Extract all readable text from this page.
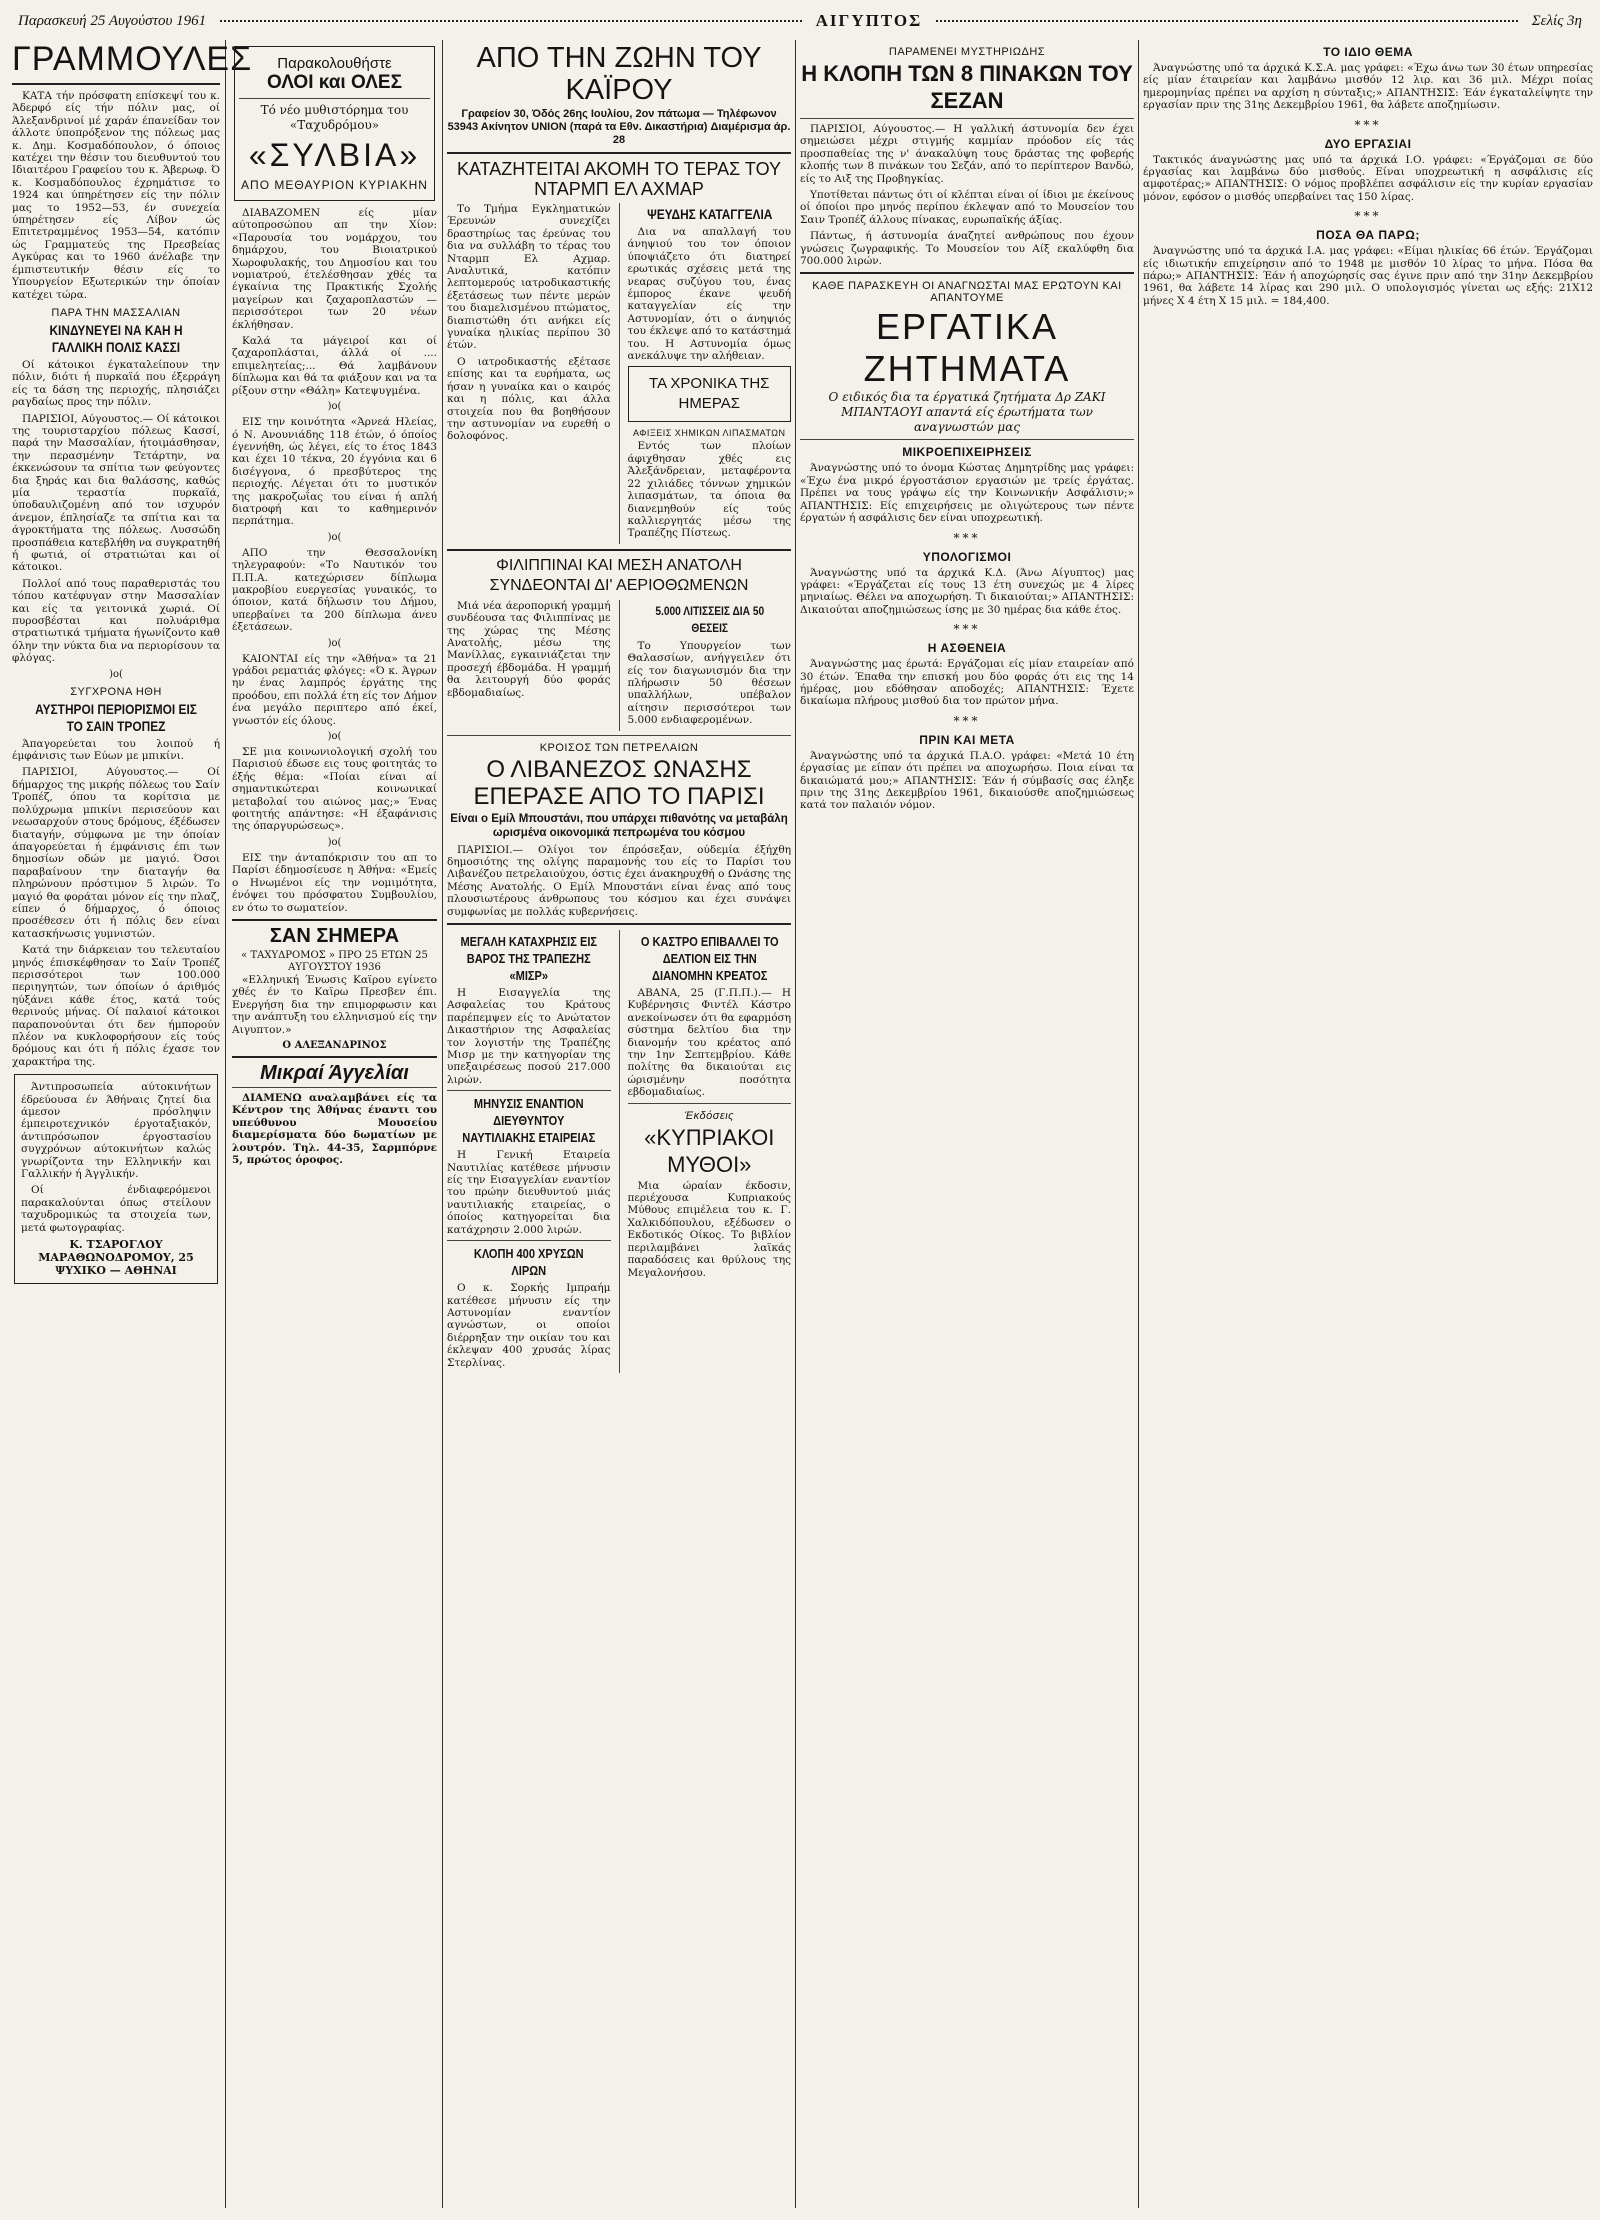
Παρασκευή 25 Αυγούστου 1961	ΑΙΓΥΠΤΟΣ	Σελίς 3η
ΓΡΑΜΜΟΥΛΕΣ

ΚΑΤΑ τήν πρόσφατη επίσκεψί του κ. Άδερφό είς τήν πόλιν μας, οί Άλεξανδρινοί μέ χαράν έπανείδαν τον άλλοτε ύποπρόξενον της πόλεως μας κ. Δημ. Κοσμαδόπουλον, ό όποιος κατέχει την θέσιν του διευθυντού του Ιδιαιτέρου Γραφείου του κ. Άβερωφ. Ό κ. Κοσμαδόπουλος έχρημάτισε το 1924 και ύπηρέτησεν είς την πόλιν μας το 1952—53, έν συνεχεία ύπηρέτησεν είς Λίβον ώς Επιτετραμμένος 1953—54, κατόπιν ώς Γραμματεύς της Πρεσβείας Αγκύρας και το 1960 άνέλαβε την έμπιστευτικήν θέσιν είς το Υπουργείον Εξωτερικών την όποίαν κατέχει τώρα.

ΠΑΡΑ ΤΗΝ ΜΑΣΣΑΛΙΑΝ
ΚΙΝΔΥΝΕΥΕΙ ΝΑ ΚΑΗ Η ΓΑΛΛΙΚΗ ΠΟΛΙΣ ΚΑΣΣΙ

Οί κάτοικοι έγκαταλείπουν την πόλιν, διότι ή πυρκαϊά που έξερράγη είς τα δάση της περιοχής, πλησιάζει ραγδαίως προς την πόλιν.

ΠΑΡΙΣΙΟΙ, Αύγουστος.— Οί κάτοικοι της τουρισταρχίου πόλεως Κασσί, παρά την Μασσαλίαν, ήτοιμάσθησαν, την περασμένην Τετάρτην, να έκκενώσουν τα σπίτια των φεύγοντες δια ξηράς και δια θαλάσσης, καθώς μία τεραστία πυρκαϊά, ύποδαυλιζομένη από τον ισχυρόν άνεμον, έπλησίαζε τα σπίτια και τα άγροκτήματα της πόλεως. Λυσσώδη προσπάθεια κατεβλήθη να συγκρατηθή ή φωτιά, οί στρατιώται και οί κάτοικοι.

Πολλοί από τους παραθεριστάς του τόπου κατέφυγαν στην Μασσαλίαν και είς τα γειτονικά χωριά. Οί πυροσβέσται και πολυάριθμα στρατιωτικά τμήματα ήγωνίζοντο καθ όλην την νύκτα δια να περιορίσουν τα φλόγας.

)o(
ΣΥΓΧΡΟΝΑ ΗΘΗ
ΑΥΣΤΗΡΟΙ ΠΕΡΙΟΡΙΣΜΟΙ ΕΙΣ ΤΟ ΣΑΙΝ ΤΡΟΠΕΖ

Άπαγορεύεται του λοιπού ή έμφάνισις των Εύων με μπικίνι.

ΠΑΡΙΣΙΟΙ, Αύγουστος.— Οί δήμαρχος της μικρής πόλεως του Σαίν Τροπέζ, όπου τα κορίτσια με πολύχρωμα μπικίνι περισεύουν και νεωσαρχούν στους δρόμους, έξέδωσεν διαταγήν, σύμφωνα με την όποίαν άπαγορεύεται ή έμφάνισις έπι των δημοσίων οδών με μαγιό. Όσοι παραβαίνουν την διαταγήν θα πληρώνουν πρόστιμον 5 λιρών. Το μαγιό θα φοράται μόνον είς την πλαζ, είπεν ό δήμαρχος, ό όποιος προσέθεσεν ότι ή πόλις δεν είναι κατασκήνωσις γυμνιστών.

Κατά την διάρκειαν του τελευταίου μηνός έπισκέφθησαν το Σαίν Τροπέζ περισσότεροι των 100.000 περιηγητών, των όποίων ό άριθμός ηύξάνει κάθε έτος, κατά τούς θερινούς μήνας. Οί παλαιοί κάτοικοι παραπονούνται ότι δεν ήμπορούν πλέον να κυκλοφορήσουν είς τούς δρόμους και ότι ή πόλις έχασε τον χαρακτήρα της.

Άντιπροσωπεία αύτοκινήτων έδρεύουσα έν Άθήναις ζητεί δια άμεσον πρόσληψιν έμπειροτεχνικόν έργοταξιακόν, άντιπρόσωπον έργοστασίου συγχρόνων αύτοκινήτων καλώς γνωρίζοντα την Ελληνικήν και Γαλλικήν ή Άγγλικήν.

Οί ένδιαφερόμενοι παρακαλούνται όπως στείλουν ταχυδρομικώς τα στοιχεία των, μετά φωτογραφίας.

Κ. ΤΣΑΡΟΓΛΟΥ ΜΑΡΑΘΩΝΟΔΡΟΜΟΥ, 25 ΨΥΧΙΚΟ — ΑΘΗΝΑΙ
Παρακολουθήστε
ΟΛΟΙ και ΟΛΕΣ
Τό νέο μυθιστόρημα του «Ταχυδρόμου»
«ΣΥΛΒΙΑ»
ΑΠΟ ΜΕΘΑΥΡΙΟΝ ΚΥΡΙΑΚΗΝ

ΔΙΑΒΑΖΟΜΕΝ είς μίαν αύτοπροσώπου απ την Χίον: «Παρουσία του νομάρχου, του δημάρχου, του Βιοιατρικού Χωροφυλακής, του Δημοσίου και του νομιατρού, έτελέσθησαν χθές τα έγκαίνια της Πρακτικής Σχολής μαγείρων και ζαχαροπλαστών — περισσότεροι των 20 νέων έκλήθησαν.

Καλά τα μάγειροί και οί ζαχαροπλάσται, άλλά οί .... επιμελητείας;... Θά λαμβάνουν δίπλωμα και θά τα φιάξουν και να τα ρίξουν στην «Θάλη» Κατεψυγμένα.

)o(

ΕΙΣ την κοινότητα «Άρνεά Ηλείας, ό Ν. Ανουνιάδης 118 έτών, ό όποίος έγεννήθη, ώς λέγει, είς το έτος 1843 και έχει 10 τέκνα, 20 έγγόνια και 6 δισέγγονα, ό πρεσβύτερος της περιοχής. Λέγεται ότι το μυστικόν της μακροζωΐας του είναι ή απλή διατροφή και το καθημερινόν περπάτημα.

)o(

ΑΠΟ την Θεσσαλονίκη τηλεγραφούν: «Το Ναυτικόν του Π.Π.Α. κατεχώρισεν δίπλωμα μακροβίου ευεργεσίας γυναικός, το όποιον, κατά δήλωσιν του Δήμου, υπερβαίνει τα 200 δίπλωμα άνευ έξετάσεων.

)o(

ΚΑΙΟΝΤΑΙ είς την «Άθήνα» τα 21 γράδοι ρεματιάς φλόγες: «Ό κ. Άγρων ην ένας λαμπρός έργάτης της προόδου, επι πολλά έτη είς τον Δήμον ένα μεγάλο περιπτερο από έκεί, γνωστόν είς όλους.

)o(

ΣΕ μια κοινωνιολογική σχολή του Παρισιού έδωσε εις τους φοιτητάς το έξής θέμα: «Ποίαι είναι αί σημαντικώτεραι κοινωνικαί μεταβολαί του αιώνος μας;» Ένας φοιτητής απάντησε: «Η έξαφάνισις της όπαργυρώσεως».

)o(

ΕΙΣ την άνταπόκρισιν του απ το Παρίσι έδημοσίευσε η Άθήνα: «Εμείς ο Ηνωμένοι είς την νομιμότητα, ένόψει του πρόσφατου Συμβουλίου, εν ότω το σωματείον.

ΣΑΝ ΣΗΜΕΡΑ
« ΤΑΧΥΔΡΟΜΟΣ » ΠΡΟ 25 ΕΤΩΝ 25 ΑΥΓΟΥΣΤΟΥ 1936

«Ελληνική Ένωσις Καϊρου εγίνετο χθές έν το Καϊρω Πρεσβεν έπι. Ενεργήση δια την επιμορφωσιν και την ανάπτυξη του ελληνισμού είς την Αιγυπτον.»

Ο ΑΛΕΞΑΝΔΡΙΝΟΣ
Μικραί Άγγελίαι

ΔΙΑΜΕΝΩ αναλαμβάνει είς τα Κέντρον της Άθήνας έναντι του υπεύθυνου Μουσείου διαμερίσματα δύο δωματίων με λουτρόν. Τηλ. 44-35, Σαρμπόρνε 5, πρώτος όροφος.

ΑΠΟ ΤΗΝ ΖΩΗΝ ΤΟΥ ΚΑΪΡΟΥ
Γραφείον 30, Όδός 26ης Ιουλίου, 2ον πάτωμα — Τηλέφωνον 53943 Ακίνητον UNION (παρά τα Εθν. Δικαστήρια) Διαμέρισμα άρ. 28
ΚΑΤΑΖΗΤΕΙΤΑΙ ΑΚΟΜΗ ΤΟ ΤΕΡΑΣ ΤΟΥ ΝΤΑΡΜΠ ΕΛ ΑΧΜΑΡ

Το Τμήμα Εγκληματικών Έρευνών συνεχίζει δραστηρίως τας έρεύνας του δια να συλλάβη το τέρας του Νταρμπ Ελ Αχμαρ. Αναλυτικά, κατόπιν λεπτομερούς ιατροδικαστικής έξετάσεως των πέντε μερών του διαμελισμένου πτώματος, διαπιστώθη ότι ανήκει είς γυναίκα ηλικίας περίπου 30 έτών.

Ο ιατροδικαστής εξέτασε επίσης και τα ευρήματα, ως ήσαν η γυναίκα και ο καιρός και η πόλις, και άλλα στοιχεία που θα βοηθήσουν την αστυνομίαν να ευρεθή ο δολοφόνος.

ΨΕΥΔΗΣ ΚΑΤΑΓΓΕΛΙΑ

Δια να απαλλαγή του άνηψιού του τον όποιον ύποψιάζετο ότι διατηρεί ερωτικάς σχέσεις μετά της νεαρας συζύγου του, ένας έμπορος έκανε ψευδή καταγγελίαν είς την Αστυνομίαν, ότι ο άνηψιός του έκλεψε από το κατάστημά του. Η Αστυνομία όμως ανεκάλυψε την αλήθειαν.

ΤΑ ΧΡΟΝΙΚΑ ΤΗΣ ΗΜΕΡΑΣ
ΑΦΙΞΕΙΣ ΧΗΜΙΚΩΝ ΛΙΠΑΣΜΑΤΩΝ

Εντός των πλοίων άφιχθησαν χθές εις Άλεξάνδρειαν, μεταφέροντα 22 χιλιάδες τόννων χημικών λιπασμάτων, τα όποια θα διανεμηθούν είς τούς καλλιεργητάς μέσω της Τραπέζης Πίστεως.

ΦΙΛΙΠΠΙΝΑΙ ΚΑΙ ΜΕΣΗ ΑΝΑΤΟΛΗ ΣΥΝΔΕΟΝΤΑΙ ΔΙ' ΑΕΡΙΟΘΩΜΕΝΩΝ

Μιά νέα άεροπορική γραμμή συνδέουσα τας Φιλιππίνας με της χώρας της Μέσης Ανατολής, μέσω της Μανίλλας, εγκαινιάζεται την προσεχή έβδομάδα. Η γραμμή θα λειτουργή δύο φοράς εβδομαδιαίως.

5.000 ΛΙΤΙΣΣΕΙΣ ΔΙΑ 50 ΘΕΣΕΙΣ

Το Υπουργείον των Θαλασσίων, ανήγγειλεν ότι είς τον διαγωνισμόν δια την πλήρωσιν 50 θέσεων υπαλλήλων, υπέβαλον αίτησιν περισσότεροι των 5.000 ενδιαφερομένων.

ΚΡΟΙΣΟΣ ΤΩΝ ΠΕΤΡΕΛΑΙΩΝ
Ο ΛΙΒΑΝΕΖΟΣ ΩΝΑΣΗΣ ΕΠΕΡΑΣΕ ΑΠΟ ΤΟ ΠΑΡΙΣΙ
Είναι ο Εμίλ Μπουστάνι, που υπάρχει πιθανότης να μεταβάλη ωρισμένα οικονομικά πεπρωμένα του κόσμου

ΠΑΡΙΣΙΟΙ.— Ολίγοι τον έπρόσεξαν, ούδεμία έξήχθη δημοσιότης της ολίγης παραμονής του είς το Παρίσι του Λιβανέζου πετρελαιούχου, όστις έχει άνακηρυχθή ο Ωνάσης της Μέσης Ανατολής. Ο Εμίλ Μπουστάνι είναι ένας από τους πλουσιωτέρους άνθρωπους του κόσμου και έχει συνάψει συμφωνίας με πολλάς κυβερνήσεις.

ΜΕΓΑΛΗ ΚΑΤΑΧΡΗΣΙΣ ΕΙΣ ΒΑΡΟΣ ΤΗΣ ΤΡΑΠΕΖΗΣ «ΜΙΣΡ»

Η Εισαγγελία της Ασφαλείας του Κράτους παρέπεμψεν είς το Ανώτατον Δικαστήριον της Ασφαλείας τον λογιστήν της Τραπέζης Μισρ με την κατηγορίαν της υπεξαιρέσεως ποσού 217.000 λιρών.

ΜΗΝΥΣΙΣ ΕΝΑΝΤΙΟΝ ΔΙΕΥΘΥΝΤΟΥ ΝΑΥΤΙΛΙΑΚΗΣ ΕΤΑΙΡΕΙΑΣ

Η Γενική Εταιρεία Ναυτιλίας κατέθεσε μήνυσιν είς την Εισαγγελίαν εναντίον του πρώην διευθυντού μιάς ναυτιλιακής εταιρείας, ο όποίος κατηγορείται δια κατάχρησιν 2.000 λιρών.

ΚΛΟΠΗ 400 ΧΡΥΣΩΝ ΛΙΡΩΝ

Ο κ. Σορκής Ιμπραήμ κατέθεσε μήνυσιν είς την Αστυνομίαν εναντίον αγνώστων, οι οποίοι διέρρηξαν την οικίαν του και έκλεψαν 400 χρυσάς λίρας Στερλίνας.

Ο ΚΑΣΤΡΟ ΕΠΙΒΑΛΛΕΙ ΤΟ ΔΕΛΤΙΟΝ ΕΙΣ ΤΗΝ ΔΙΑΝΟΜΗΝ ΚΡΕΑΤΟΣ

ΑΒΑΝΑ, 25 (Γ.Π.Π.).— Η Κυβέρνησις Φιντέλ Κάστρο ανεκοίνωσεν ότι θα εφαρμόση σύστημα δελτίου δια την διανομήν του κρέατος από την 1ην Σεπτεμβρίου. Κάθε πολίτης θα δικαιούται εις ώρισμένην ποσότητα εβδομαδιαίως.

Έκδόσεις
«ΚΥΠΡΙΑΚΟΙ ΜΥΘΟΙ»

Μια ώραίαν έκδοσιν, περιέχουσα Κυπριακούς Μύθους επιμέλεια του κ. Γ. Χαλκιδόπουλου, εξέδωσεν ο Εκδοτικός Οίκος. Το βιβλίον περιλαμβάνει λαϊκάς παραδόσεις και θρύλους της Μεγαλονήσου.

ΠΑΡΑΜΕΝΕΙ ΜΥΣΤΗΡΙΩΔΗΣ
Η ΚΛΟΠΗ ΤΩΝ 8 ΠΙΝΑΚΩΝ ΤΟΥ ΣΕΖΑΝ

ΠΑΡΙΣΙΟΙ, Αύγουστος.— Η γαλλική άστυνομία δεν έχει σημειώσει μέχρι στιγμής καμμίαν πρόοδον είς τάς προσπαθείας της ν' άνακαλύψη τους δράστας της φοβερής κλοπής των 8 πινάκων του Σεζάν, από το περίπτερον Βανδώ, είς το Αιξ της Προβηγκίας.

Υποτίθεται πάντως ότι οί κλέπται είναι οί ίδιοι με έκείνους οί όποίοι προ μηνός περίπου έκλεψαν από το Μουσείον του Σαιν Τροπέζ άλλους πίνακας, ευρωπαϊκής άξίας.

Πάντως, ή άστυνομία άναζητεί ανθρώπους που έχουν γνώσεις ζωγραφικής. Το Μουσείον του Αίξ εκαλύφθη δια 700.000 λιρών.

ΚΑΘΕ ΠΑΡΑΣΚΕΥΗ ΟΙ ΑΝΑΓΝΩΣΤΑΙ ΜΑΣ ΕΡΩΤΟΥΝ ΚΑΙ ΑΠΑΝΤΟΥΜΕ
ΕΡΓΑΤΙΚΑ ΖΗΤΗΜΑΤΑ
Ο ειδικός δια τα έργατικά ζητήματα Δρ ΖΑΚΙ ΜΠΑΝΤΑΟΥΙ απαντά είς έρωτήματα των αναγνωστών μας
ΜΙΚΡΟΕΠΙΧΕΙΡΗΣΕΙΣ

Άναγνώστης υπό το όνομα Κώστας Δημητρίδης μας γράφει: «Έχω ένα μικρό έργοστάσιον εργασιών με τρείς έργάτας. Πρέπει να τους γράψω είς την Κοινωνικήν Ασφάλισιν;» ΑΠΑΝΤΗΣΙΣ: Είς επιχειρήσεις με ολιγώτερους των πέντε έργατών ή ασφάλισις δεν είναι υποχρεωτική.

***
ΥΠΟΛΟΓΙΣΜΟΙ

Άναγνώστης υπό τα άρχικά Κ.Δ. (Άνω Αίγυπτος) μας γράφει: «Έργάζεται είς τους 13 έτη συνεχώς με 4 λίρες μηνιαίως. Θέλει να αποχωρήση. Τι δικαιούται;» ΑΠΑΝΤΗΣΙΣ: Δικαιούται αποζημιώσεως ίσης με 30 ημέρας δια κάθε έτος.

***
Η ΑΣΘΕΝΕΙΑ

Άναγνώστης μας έρωτά: Εργάζομαι είς μίαν εταιρείαν από 30 έτών. Έπαθα την επισκή μου δύο φοράς ότι εις της 14 ήμέρας, μου εδόθησαν αποδοχές; ΑΠΑΝΤΗΣΙΣ: Έχετε δικαίωμα πλήρους μισθού δια τον πρώτον μήνα.

***
ΠΡΙΝ ΚΑΙ ΜΕΤΑ

Άναγνώστης υπό τα άρχικά Π.Α.Ο. γράφει: «Μετά 10 έτη έργασίας με είπαν ότι πρέπει να αποχωρήσω. Ποια είναι τα δικαιώματά μου;» ΑΠΑΝΤΗΣΙΣ: Έάν ή σύμβασίς σας έληξε πριν της 31ης Δεκεμβρίου 1961, δικαιούσθε αποζημιώσεως κατά τον παλαιόν νόμον.

ΤΟ ΙΔΙΟ ΘΕΜΑ

Άναγνώστης υπό τα άρχικά Κ.Σ.Α. μας γράφει: «Έχω άνω των 30 έτων υπηρεσίας είς μίαν έταιρείαν και λαμβάνω μισθόν 12 λιρ. και 36 μιλ. Μέχρι ποίας ημερομηνίας πρέπει να αρχίση η σύνταξις;» ΑΠΑΝΤΗΣΙΣ: Έάν έγκαταλείψητε την εργασίαν πριν της 31ης Δεκεμβρίου 1961, θα λάβετε αποζημίωσιν.

***
ΔΥΟ ΕΡΓΑΣΙΑΙ

Τακτικός άναγνώστης μας υπό τα άρχικά Ι.Ο. γράφει: «Έργάζομαι σε δύο έργασίας και λαμβάνω δύο μισθούς. Είναι υποχρεωτική η ασφάλισις είς αμφοτέρας;» ΑΠΑΝΤΗΣΙΣ: Ο νόμος προβλέπει ασφάλισιν είς την κυρίαν εργασίαν μόνον, εφόσον ο μισθός υπερβαίνει τας 150 λίρας.

***
ΠΟΣΑ ΘΑ ΠΑΡΩ;

Άναγνώστης υπό τα άρχικά Ι.Α. μας γράφει: «Είμαι ηλικίας 66 έτών. Έργάζομαι είς ιδιωτικήν επιχείρησιν από το 1948 με μισθόν 10 λίρας το μήνα. Πόσα θα πάρω;» ΑΠΑΝΤΗΣΙΣ: Έάν ή αποχώρησίς σας έγινε πριν από την 31ην Δεκεμβρίου 1961, θα λάβετε 14 λίρας και 290 μιλ. Ο υπολογισμός γίνεται ως εξής: 21Χ12 μήνες Χ 4 έτη Χ 15 μιλ. = 184,400.
